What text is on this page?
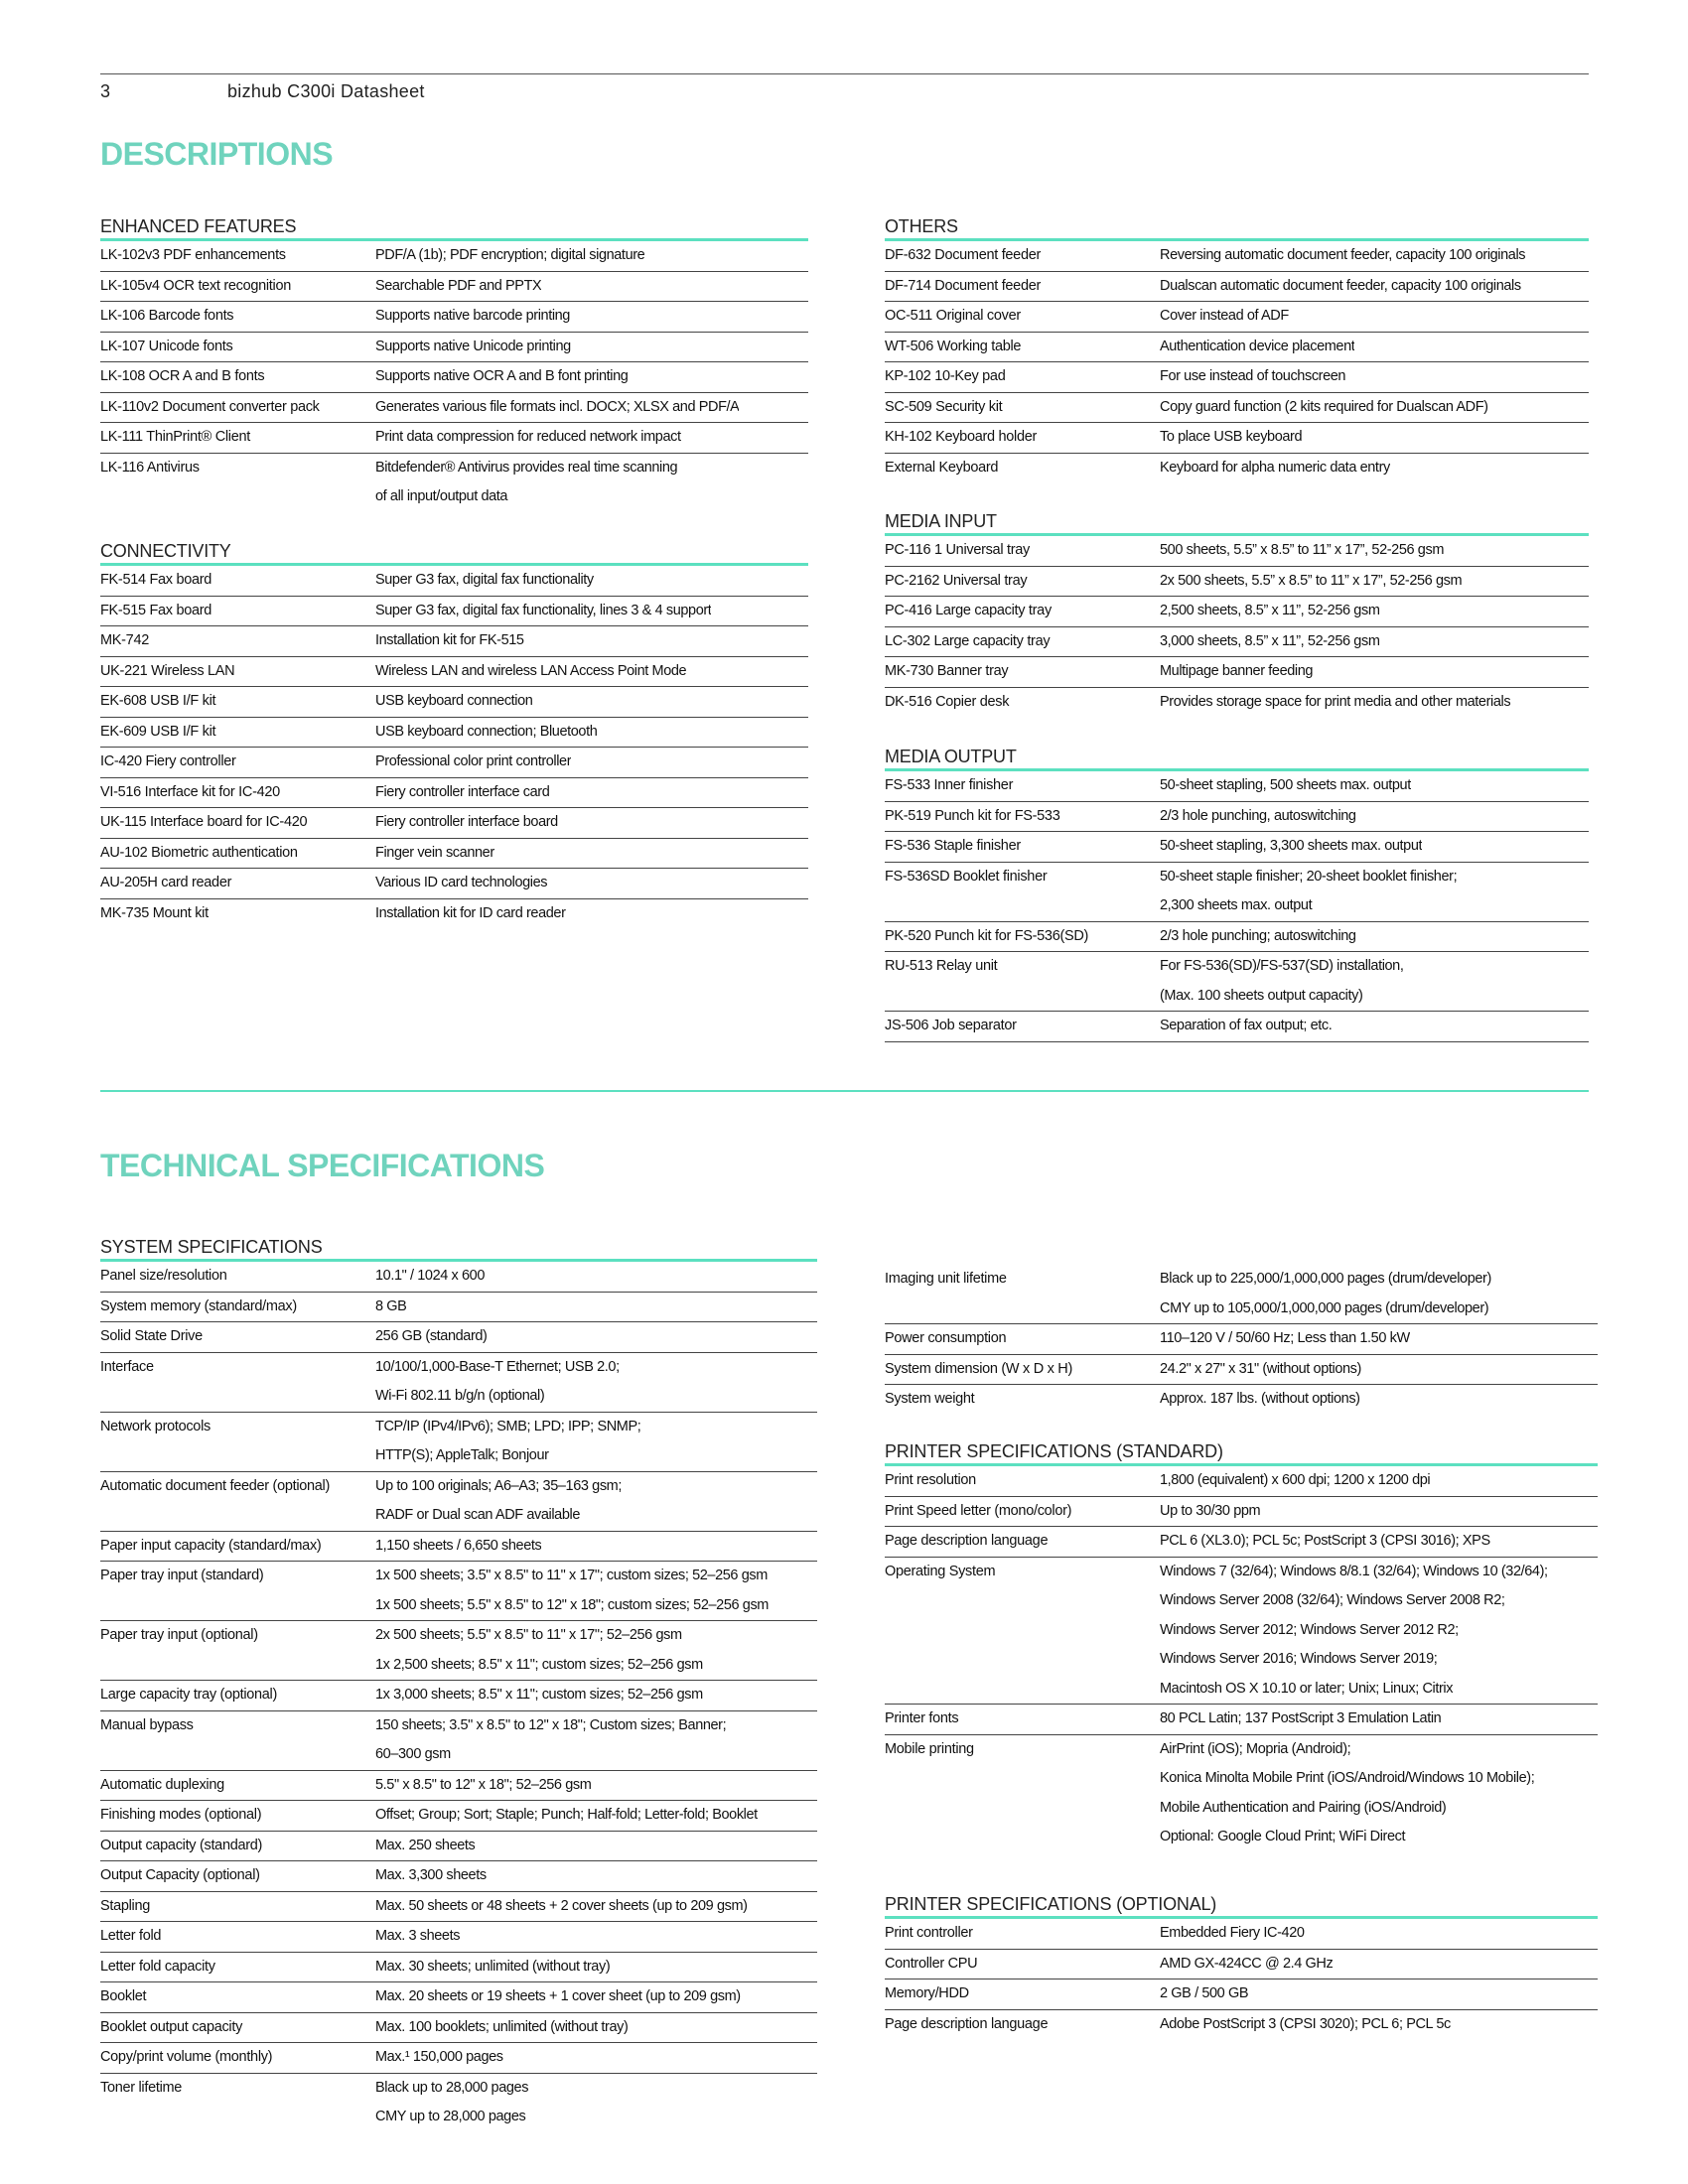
3	bizhub C300i Datasheet
DESCRIPTIONS
ENHANCED FEATURES
LK-102v3 PDF enhancements	PDF/A (1b); PDF encryption; digital signature
LK-105v4 OCR text recognition	Searchable PDF and PPTX
LK-106 Barcode fonts	Supports native barcode printing
LK-107 Unicode fonts	Supports native Unicode printing
LK-108 OCR A and B fonts	Supports native OCR A and B font printing
LK-110v2 Document converter pack	Generates various file formats incl. DOCX; XLSX and PDF/A
LK-111 ThinPrint® Client	Print data compression for reduced network impact
LK-116 Antivirus	Bitdefender® Antivirus provides real time scanning
of all input/output data
CONNECTIVITY
FK-514 Fax board	Super G3 fax, digital fax functionality
FK-515 Fax board	Super G3 fax, digital fax functionality, lines 3 & 4 support
MK-742	Installation kit for FK-515
UK-221 Wireless LAN	Wireless LAN and wireless LAN Access Point Mode
EK-608 USB I/F kit	USB keyboard connection
EK-609 USB I/F kit	USB keyboard connection; Bluetooth
IC-420 Fiery controller	Professional color print controller
VI-516 Interface kit for IC-420	Fiery controller interface card
UK-115 Interface board for IC-420	Fiery controller interface board
AU-102 Biometric authentication	Finger vein scanner
AU-205H card reader	Various ID card technologies
MK-735 Mount kit	Installation kit for ID card reader
OTHERS
DF-632 Document feeder	Reversing automatic document feeder, capacity 100 originals
DF-714 Document feeder	Dualscan automatic document feeder, capacity 100 originals
OC-511 Original cover	Cover instead of ADF
WT-506 Working table	Authentication device placement
KP-102 10-Key pad	For use instead of touchscreen
SC-509 Security kit	Copy guard function (2 kits required for Dualscan ADF)
KH-102 Keyboard holder	To place USB keyboard
External Keyboard	Keyboard for alpha numeric data entry
MEDIA INPUT
PC-116 1 Universal tray	500 sheets, 5.5” x 8.5” to 11” x 17”, 52-256 gsm
PC-2162 Universal tray	2x 500 sheets, 5.5” x 8.5” to 11” x 17”, 52-256 gsm
PC-416 Large capacity tray	2,500 sheets, 8.5” x 11”, 52-256 gsm
LC-302 Large capacity tray	3,000 sheets, 8.5” x 11”, 52-256 gsm
MK-730 Banner tray	Multipage banner feeding
DK-516 Copier desk	Provides storage space for print media and other materials
MEDIA OUTPUT
FS-533 Inner finisher	50-sheet stapling, 500 sheets max. output
PK-519 Punch kit for FS-533	2/3 hole punching, autoswitching
FS-536 Staple finisher	50-sheet stapling, 3,300 sheets max. output
FS-536SD Booklet finisher	50-sheet staple finisher; 20-sheet booklet finisher;
2,300 sheets max. output
PK-520 Punch kit for FS-536(SD)	2/3 hole punching; autoswitching
RU-513 Relay unit	For FS-536(SD)/FS-537(SD) installation,
(Max. 100 sheets output capacity)
JS-506 Job separator	Separation of fax output; etc.
TECHNICAL SPECIFICATIONS
SYSTEM SPECIFICATIONS
Panel size/resolution	10.1" / 1024 x 600
System memory (standard/max)	8 GB
Solid State Drive	256 GB (standard)
Interface	10/100/1,000-Base-T Ethernet; USB 2.0;
Wi-Fi 802.11 b/g/n (optional)
Network protocols	TCP/IP (IPv4/IPv6); SMB; LPD; IPP; SNMP;
HTTP(S); AppleTalk; Bonjour
Automatic document feeder (optional)	Up to 100 originals; A6–A3; 35–163 gsm;
RADF or Dual scan ADF available
Paper input capacity (standard/max)	1,150 sheets / 6,650 sheets
Paper tray input (standard)	1x 500 sheets; 3.5" x 8.5" to 11" x 17"; custom sizes; 52–256 gsm
1x 500 sheets; 5.5" x 8.5" to 12" x 18"; custom sizes; 52–256 gsm
Paper tray input (optional)	2x 500 sheets; 5.5" x 8.5" to 11" x 17"; 52–256 gsm
1x 2,500 sheets; 8.5" x 11"; custom sizes; 52–256 gsm
Large capacity tray (optional)	1x 3,000 sheets; 8.5" x 11"; custom sizes; 52–256 gsm
Manual bypass	150 sheets; 3.5" x 8.5" to 12" x 18"; Custom sizes; Banner;
60–300 gsm
Automatic duplexing	5.5" x 8.5" to 12" x 18"; 52–256 gsm
Finishing modes (optional)	Offset; Group; Sort; Staple; Punch; Half-fold; Letter-fold; Booklet
Output capacity (standard)	Max. 250 sheets
Output Capacity (optional)	Max. 3,300 sheets
Stapling	Max. 50 sheets or 48 sheets + 2 cover sheets (up to 209 gsm)
Letter fold	Max. 3 sheets
Letter fold capacity	Max. 30 sheets; unlimited (without tray)
Booklet	Max. 20 sheets or 19 sheets + 1 cover sheet (up to 209 gsm)
Booklet output capacity	Max. 100 booklets; unlimited (without tray)
Copy/print volume (monthly)	Max.¹ 150,000 pages
Toner lifetime	Black up to 28,000 pages
CMY up to 28,000 pages
Imaging unit lifetime	Black up to 225,000/1,000,000 pages (drum/developer)
CMY up to 105,000/1,000,000 pages (drum/developer)
Power consumption	110–120 V / 50/60 Hz; Less than 1.50 kW
System dimension (W x D x H)	24.2" x 27" x 31" (without options)
System weight	Approx. 187 lbs. (without options)
PRINTER SPECIFICATIONS (STANDARD)
Print resolution	1,800 (equivalent) x 600 dpi; 1200 x 1200 dpi
Print Speed letter (mono/color)	Up to 30/30 ppm
Page description language	PCL 6 (XL3.0); PCL 5c; PostScript 3 (CPSI 3016); XPS
Operating System	Windows 7 (32/64); Windows 8/8.1 (32/64); Windows 10 (32/64);
Windows Server 2008 (32/64); Windows Server 2008 R2;
Windows Server 2012; Windows Server 2012 R2;
Windows Server 2016; Windows Server 2019;
Macintosh OS X 10.10 or later; Unix; Linux; Citrix
Printer fonts	80 PCL Latin; 137 PostScript 3 Emulation Latin
Mobile printing	AirPrint (iOS); Mopria (Android);
Konica Minolta Mobile Print (iOS/Android/Windows 10 Mobile);
Mobile Authentication and Pairing (iOS/Android)
Optional: Google Cloud Print; WiFi Direct
PRINTER SPECIFICATIONS (OPTIONAL)
Print controller	Embedded Fiery IC-420
Controller CPU	AMD GX-424CC @ 2.4 GHz
Memory/HDD	2 GB / 500 GB
Page description language	Adobe PostScript 3 (CPSI 3020); PCL 6; PCL 5c
